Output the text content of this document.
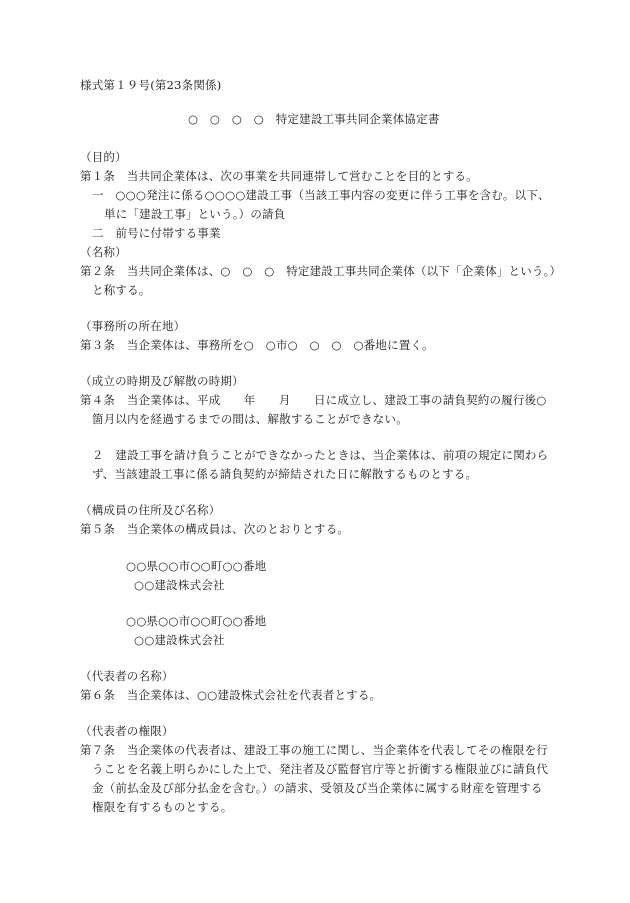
様式第１９号(第23条関係)
○　○　○　○　特定建設工事共同企業体協定書
（目的）
第１条　当共同企業体は、次の事業を共同連帯して営むことを目的とする。
一　○○○発注に係る○○○○建設工事（当該工事内容の変更に伴う工事を含む。以下、
単に「建設工事」という。）の請負
二　前号に付帯する事業
（名称）
第２条　当共同企業体は、○　○　○　特定建設工事共同企業体（以下「企業体」という。）
と称する。
（事務所の所在地）
第３条　当企業体は、事務所を○　○市○　○　○　○番地に置く。
（成立の時期及び解散の時期）
第４条　当企業体は、平成　　年　　月　　日に成立し、建設工事の請負契約の履行後○
箇月以内を経過するまでの間は、解散することができない。
２　建設工事を請け負うことができなかったときは、当企業体は、前項の規定に関わら
ず、当該建設工事に係る請負契約が締結された日に解散するものとする。
（構成員の住所及び名称）
第５条　当企業体の構成員は、次のとおりとする。
○○県○○市○○町○○番地
○○建設株式会社
○○県○○市○○町○○番地
○○建設株式会社
（代表者の名称）
第６条　当企業体は、○○建設株式会社を代表者とする。
（代表者の権限）
第７条　当企業体の代表者は、建設工事の施工に関し、当企業体を代表してその権限を行
うことを名義上明らかにした上で、発注者及び監督官庁等と折衝する権限並びに請負代
金（前払金及び部分払金を含む。）の請求、受領及び当企業体に属する財産を管理する
権限を有するものとする。
